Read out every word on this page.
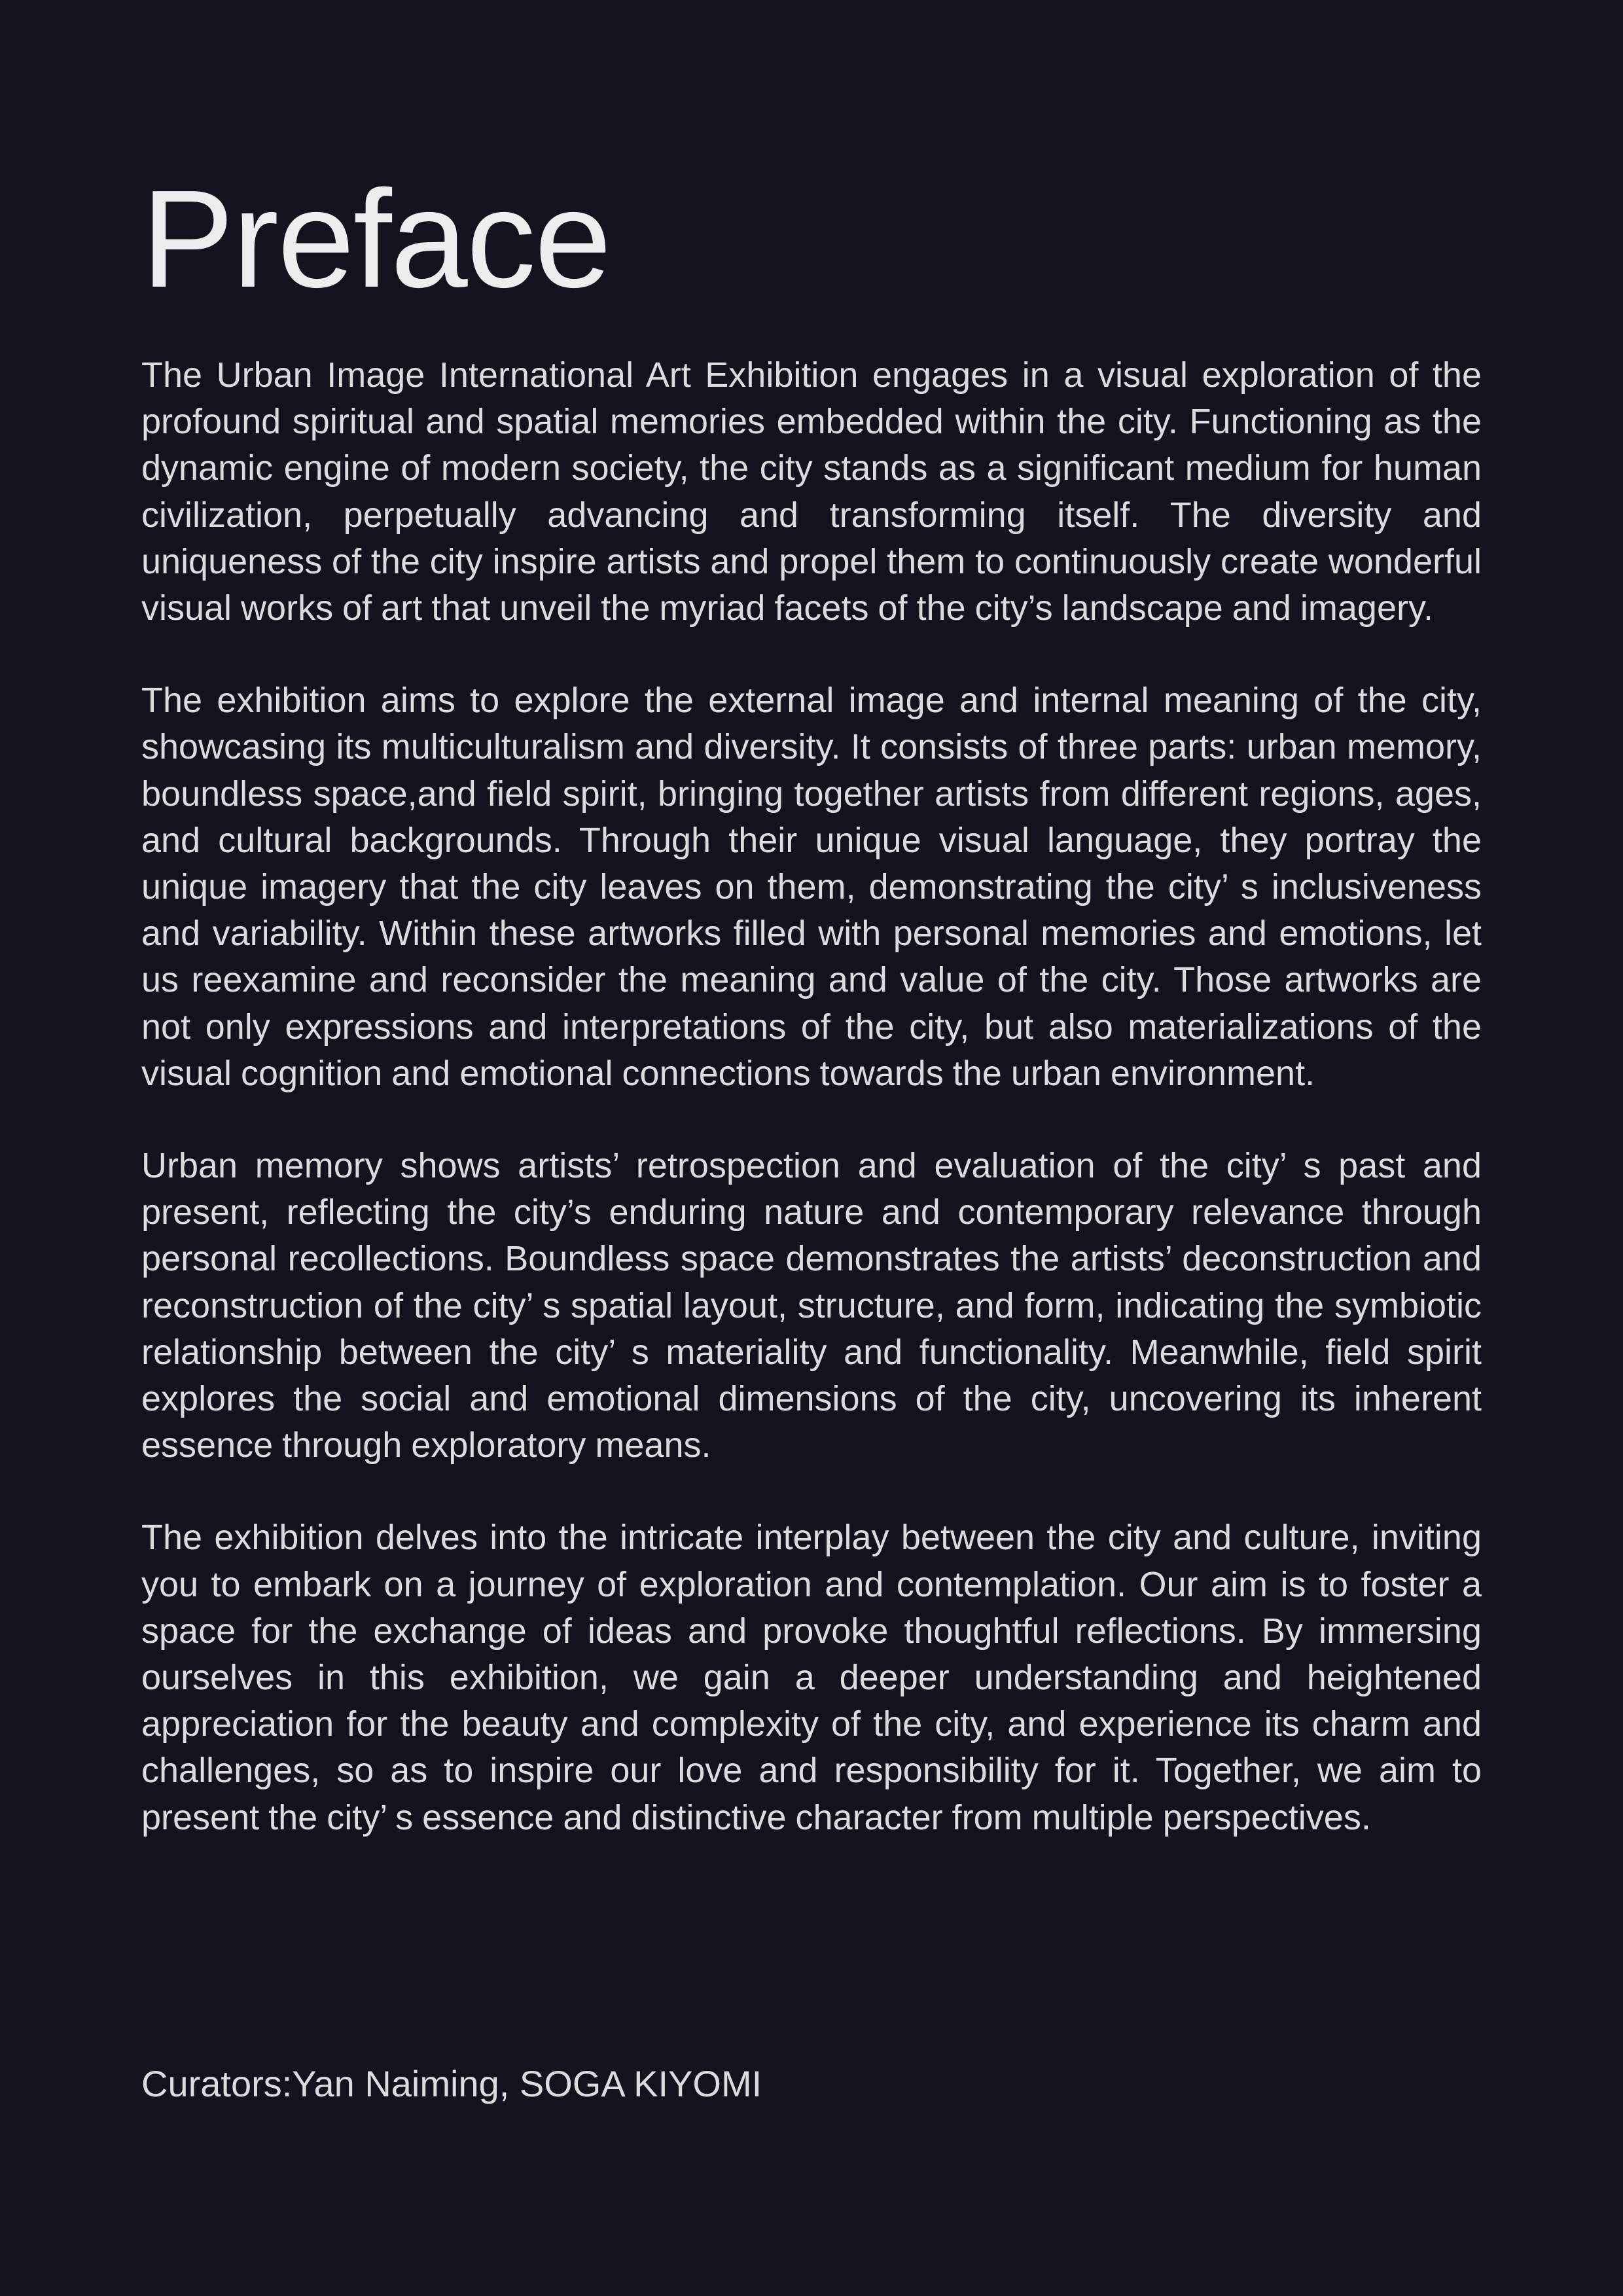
Preface

The Urban Image International Art Exhibition engages in a visual exploration of the profound spiritual and spatial memories embedded within the city. Functioning as the dynamic engine of modern society, the city stands as a significant medium for human civilization, perpetually advancing and transforming itself. The diversity and uniqueness of the city inspire artists and propel them to continuously create wonderful visual works of art that unveil the myriad facets of the city’s landscape and imagery.

The exhibition aims to explore the external image and internal meaning of the city, showcasing its multiculturalism and diversity. It consists of three parts: urban memory, boundless space,and field spirit, bringing together artists from different regions, ages, and cultural backgrounds. Through their unique visual language, they portray the unique imagery that the city leaves on them, demonstrating the city’ s inclusiveness and variability. Within these artworks filled with personal memories and emotions, let us reexamine and reconsider the meaning and value of the city. Those artworks are not only expressions and interpretations of the city, but also materializations of the visual cognition and emotional connections towards the urban environment.

Urban memory shows artists’ retrospection and evaluation of the city’ s past and present, reflecting the city’s enduring nature and contemporary relevance through personal recollections. Boundless space demonstrates the artists’ deconstruction and reconstruction of the city’ s spatial layout, structure, and form, indicating the symbiotic relationship between the city’ s materiality and functionality. Meanwhile, field spirit explores the social and emotional dimensions of the city, uncovering its inherent essence through exploratory means.

The exhibition delves into the intricate interplay between the city and culture, inviting you to embark on a journey of exploration and contemplation. Our aim is to foster a space for the exchange of ideas and provoke thoughtful reflections. By immersing ourselves in this exhibition, we gain a deeper understanding and heightened appreciation for the beauty and complexity of the city, and experience its charm and challenges, so as to inspire our love and responsibility for it. Together, we aim to present the city’ s essence and distinctive character from multiple perspectives.

Curators:Yan Naiming, SOGA KIYOMI
